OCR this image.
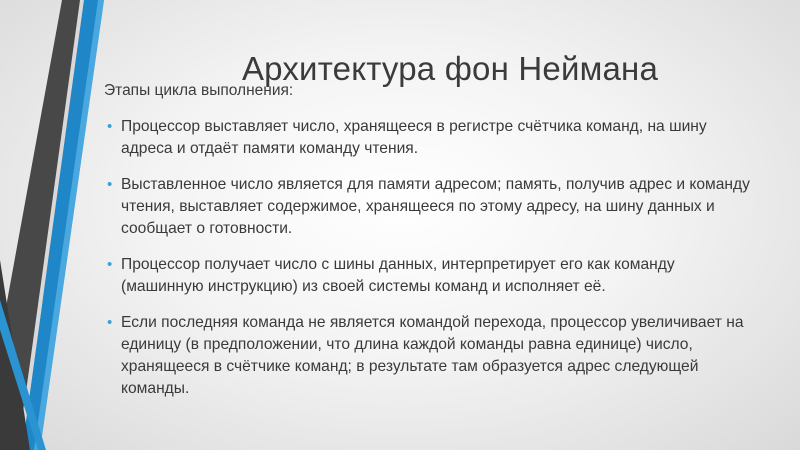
Архитектура фон Неймана

Этапы цикла выполнения:

• Процессор выставляет число, хранящееся в регистре счётчика команд, на шину адреса и отдаёт памяти команду чтения.
• Выставленное число является для памяти адресом; память, получив адрес и команду чтения, выставляет содержимое, хранящееся по этому адресу, на шину данных и сообщает о готовности.
• Процессор получает число с шины данных, интерпретирует его как команду (машинную инструкцию) из своей системы команд и исполняет её.
• Если последняя команда не является командой перехода, процессор увеличивает на единицу (в предположении, что длина каждой команды равна единице) число, хранящееся в счётчике команд; в результате там образуется адрес следующей команды.
